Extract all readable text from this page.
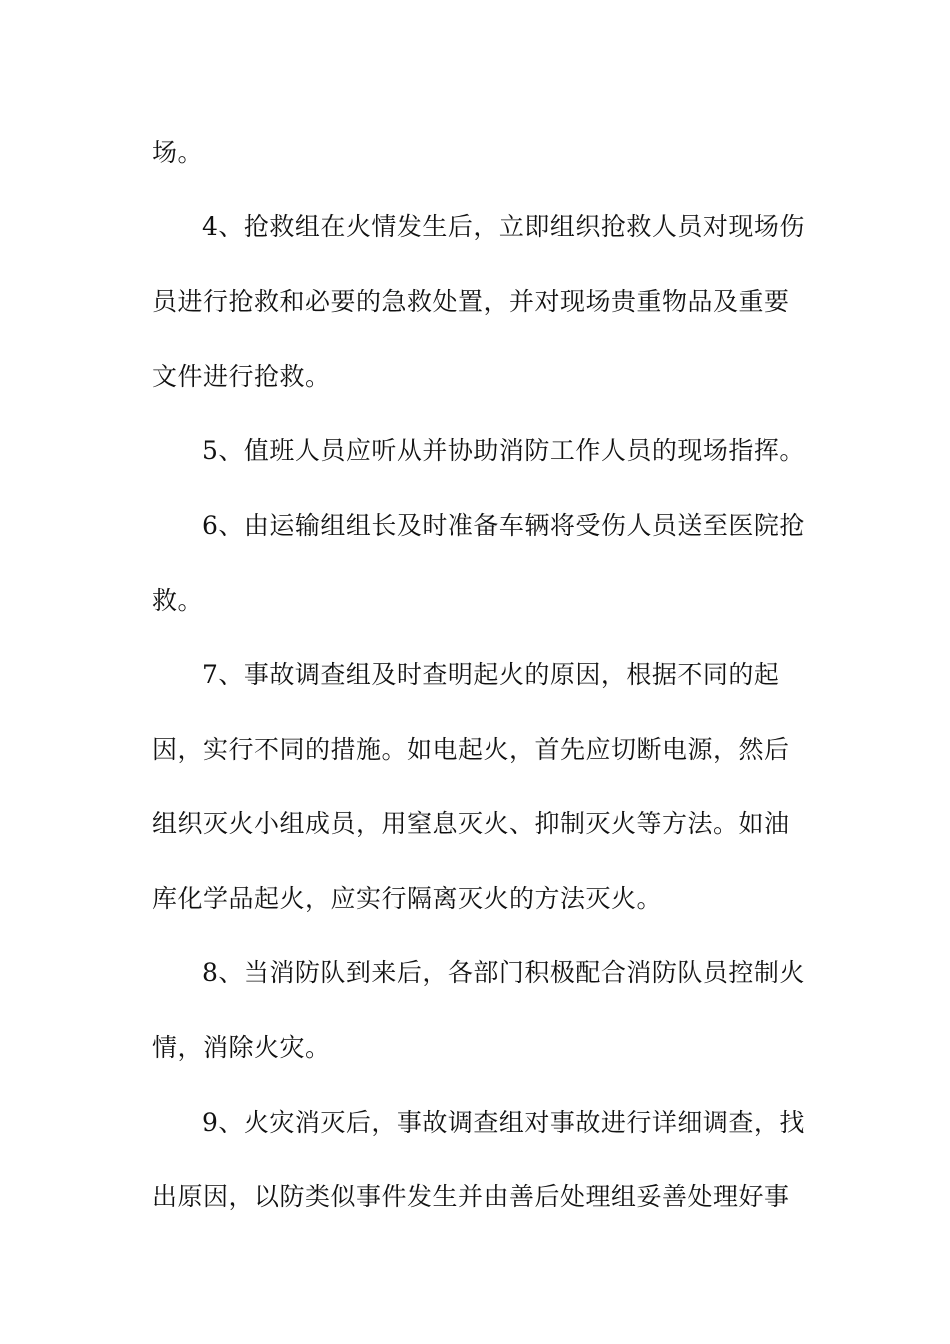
场。
4、抢救组在火情发生后，立即组织抢救人员对现场伤
员进行抢救和必要的急救处置，并对现场贵重物品及重要
文件进行抢救。
5、值班人员应听从并协助消防工作人员的现场指挥。
6、由运输组组长及时准备车辆将受伤人员送至医院抢
救。
7、事故调查组及时查明起火的原因，根据不同的起
因，实行不同的措施。如电起火，首先应切断电源，然后
组织灭火小组成员，用窒息灭火、抑制灭火等方法。如油
库化学品起火，应实行隔离灭火的方法灭火。
8、当消防队到来后，各部门积极配合消防队员控制火
情，消除火灾。
9、火灾消灭后，事故调查组对事故进行详细调查，找
出原因，以防类似事件发生并由善后处理组妥善处理好事
